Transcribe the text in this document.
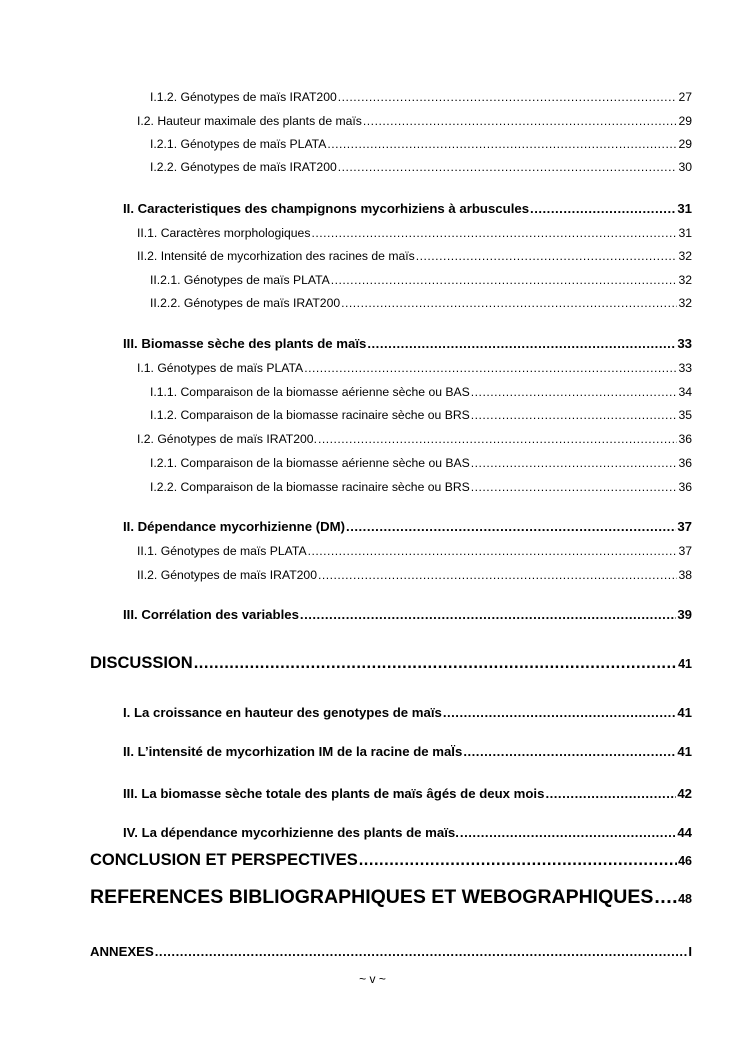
I.1.2. Génotypes de maïs IRAT200 .....	27
I.2. Hauteur maximale des plants de maïs .....	29
I.2.1. Génotypes de maïs PLATA .....	29
I.2.2. Génotypes de maïs IRAT200 .....	30
II. Caracteristiques des champignons mycorhiziens à arbuscules .....	31
II.1. Caractères morphologiques .....	31
II.2. Intensité de mycorhization des racines de maïs .....	32
II.2.1. Génotypes de maïs PLATA .....	32
II.2.2. Génotypes de maïs IRAT200 .....	32
III. Biomasse sèche des plants de maïs .....	33
I.1. Génotypes de maïs PLATA .....	33
I.1.1. Comparaison de la biomasse aérienne sèche ou BAS .....	34
I.1.2. Comparaison de la biomasse racinaire sèche ou BRS .....	35
I.2. Génotypes de maïs IRAT200. .....	36
I.2.1. Comparaison de la biomasse aérienne sèche ou BAS .....	36
I.2.2. Comparaison de la biomasse racinaire sèche ou BRS .....	36
II. Dépendance mycorhizienne (DM) .....	37
II.1. Génotypes de maïs PLATA .....	37
II.2. Génotypes de maïs IRAT200 .....	38
III. Corrélation des variables .....	39
DISCUSSION .....	41
I. La croissance en hauteur des genotypes de maïs .....	41
II. L’intensité de mycorhization IM de la racine de maÏs .....	41
III. La biomasse sèche totale des plants de maïs âgés de deux mois .....	42
IV. La dépendance mycorhizienne des plants de maïs. .....	44
CONCLUSION ET PERSPECTIVES .....	46
REFERENCES BIBLIOGRAPHIQUES ET WEBOGRAPHIQUES ..... 48
ANNEXES .....	I
~ v ~
